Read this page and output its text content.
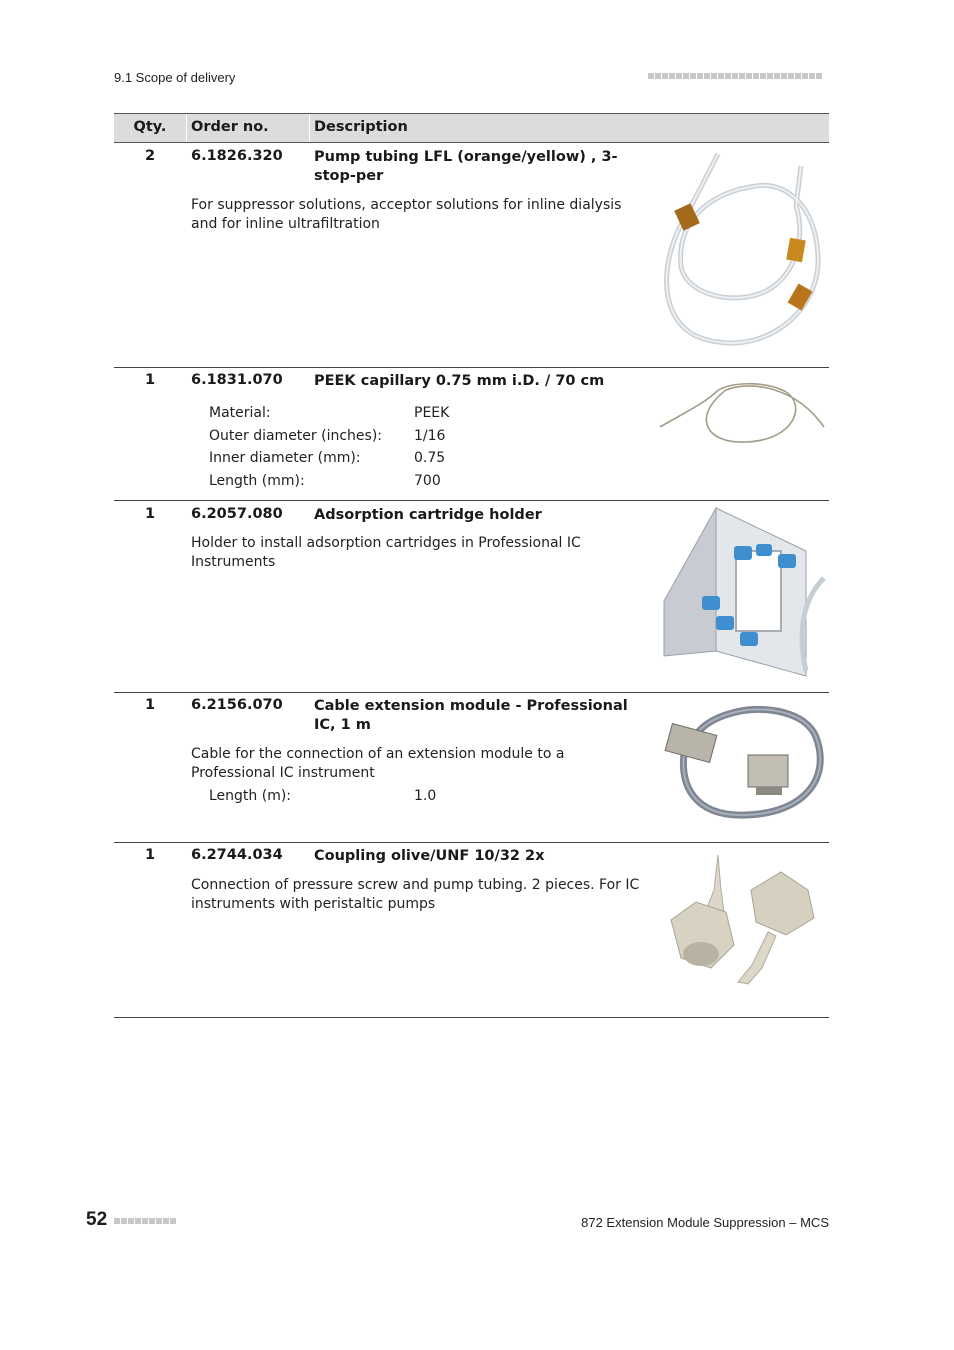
9.1 Scope of delivery
Qty.	Order no.	Description
2	6.1826.320 Pump tubing LFL (orange/yellow) , 3-stop-per
For suppressor solutions, acceptor solutions for inline dialysis and for inline ultrafiltration
1	6.1831.070 PEEK capillary 0.75 mm i.D. / 70 cm
Material:	PEEK
Outer diameter (inches): 1/16
Inner diameter (mm):	0.75
Length (mm):	700
1	6.2057.080 Adsorption cartridge holder
Holder to install adsorption cartridges in Professional IC Instruments
1	6.2156.070 Cable extension module - Professional IC, 1 m
Cable for the connection of an extension module to a Professional IC instrument
Length (m):	1.0
1	6.2744.034 Coupling olive/UNF 10/32 2x
Connection of pressure screw and pump tubing. 2 pieces. For IC instruments with peristaltic pumps
52	872 Extension Module Suppression – MCS
